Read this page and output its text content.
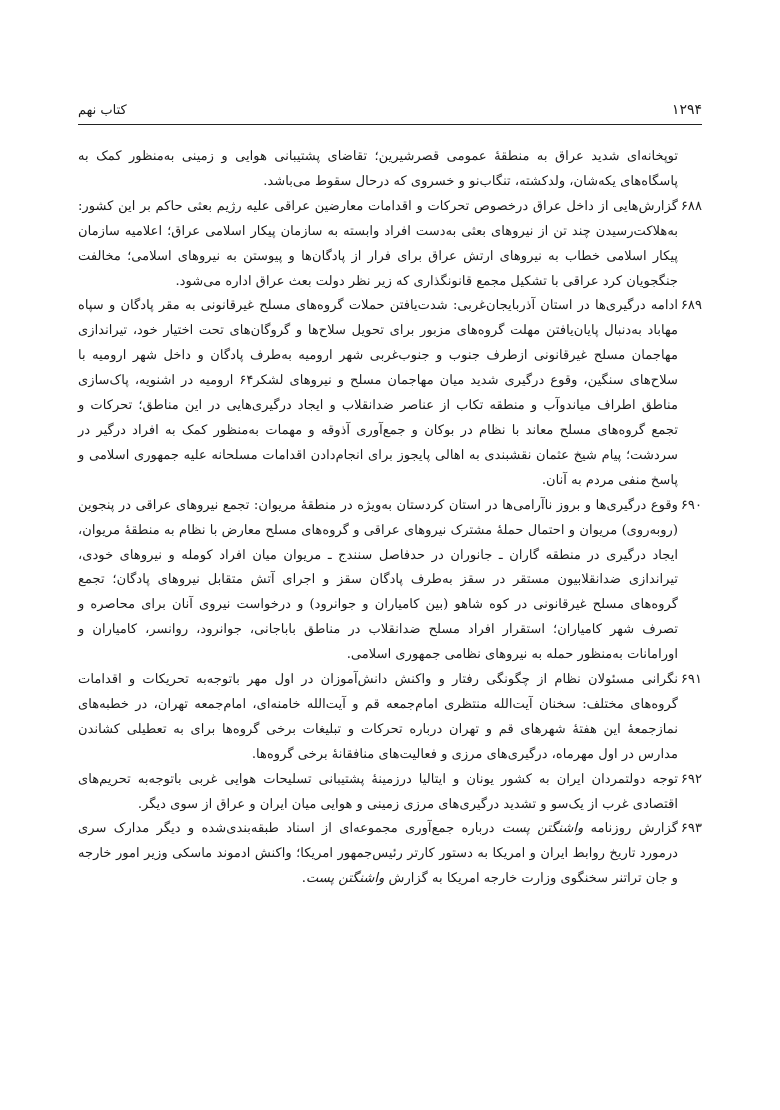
۱۲۹۴
کتاب نهم

توپخانه‌ای شدید عراق به منطقهٔ عمومی قصرشیرین؛ تقاضای پشتیبانی هوایی و زمینی به‌منظور کمک به پاسگاه‌های یکه‌شان، ولدکشته، تنگاب‌نو و خسروی که درحال سقوط می‌باشد.

۶۸۸

گزارش‌هایی از داخل عراق درخصوص تحرکات و اقدامات معارضین عراقی علیه رژیم بعثی حاکم بر این کشور: به‌هلاکت‌رسیدن چند تن از نیروهای بعثی به‌دست افراد وابسته به سازمان پیکار اسلامی عراق؛ اعلامیه سازمان پیکار اسلامی خطاب به نیروهای ارتش عراق برای فرار از پادگان‌ها و پیوستن به نیروهای اسلامی؛ مخالفت جنگجویان کرد عراقی با تشکیل مجمع قانونگذاری که زیر نظر دولت بعث عراق اداره می‌شود.

۶۸۹

ادامه درگیری‌ها در استان آذربایجان‌غربی: شدت‌یافتن حملات گروه‌های مسلح غیرقانونی به مقر پادگان و سپاه مهاباد به‌دنبال پایان‌یافتن مهلت گروه‌های مزبور برای تحویل سلاح‌ها و گروگان‌های تحت اختیار خود، تیراندازی مهاجمان مسلح غیرقانونی ازطرف جنوب و جنوب‌غربی شهر ارومیه به‌طرف پادگان و داخل شهر ارومیه با سلاح‌های سنگین، وقوع درگیری شدید میان مهاجمان مسلح و نیروهای لشکر۶۴ ارومیه در اشنویه، پاک‌سازی مناطق اطراف میاندوآب و منطقه تکاب از عناصر ضدانقلاب و ایجاد درگیری‌هایی در این مناطق؛ تحرکات و تجمع گروه‌های مسلح معاند با نظام در بوکان و جمع‌آوری آذوقه و مهمات به‌منظور کمک به افراد درگیر در سردشت؛ پیام شیخ عثمان نقشبندی به اهالی پایجوز برای انجام‌دادن اقدامات مسلحانه علیه جمهوری اسلامی و پاسخ منفی مردم به آنان.

۶۹۰

وقوع درگیری‌ها و بروز ناآرامی‌ها در استان کردستان به‌ویژه در منطقهٔ مریوان: تجمع نیروهای عراقی در پنجوین (روبه‌روی) مریوان و احتمال حملهٔ مشترک نیروهای عراقی و گروه‌های مسلح معارض با نظام به منطقهٔ مریوان، ایجاد درگیری در منطقه گاران ـ جانوران در حدفاصل سنندج ـ مریوان میان افراد کومله و نیروهای خودی، تیراندازی ضدانقلابیون مستقر در سقز به‌طرف پادگان سقز و اجرای آتش متقابل نیروهای پادگان؛ تجمع گروه‌های مسلح غیرقانونی در کوه شاهو (بین کامیاران و جوانرود) و درخواست نیروی آنان برای محاصره و تصرف شهر کامیاران؛ استقرار افراد مسلح ضدانقلاب در مناطق باباجانی، جوانرود، روانسر، کامیاران و اورامانات به‌منظور حمله به نیروهای نظامی جمهوری اسلامی.

۶۹۱

نگرانی مسئولان نظام از چگونگی رفتار و واکنش دانش‌آموزان در اول مهر باتوجه‌به تحریکات و اقدامات گروه‌های مختلف: سخنان آیت‌الله منتظری امام‌جمعه قم و آیت‌الله خامنه‌ای، امام‌جمعه تهران، در خطبه‌های نمازجمعهٔ این هفتهٔ شهرهای قم و تهران درباره تحرکات و تبلیغات برخی گروه‌ها برای به تعطیلی کشاندن مدارس در اول مهرماه، درگیری‌های مرزی و فعالیت‌های منافقانهٔ برخی گروه‌ها.

۶۹۲

توجه دولتمردان ایران به کشور یونان و ایتالیا درزمینهٔ پشتیبانی تسلیحات هوایی غربی باتوجه‌به تحریم‌های اقتصادی غرب از یک‌سو و تشدید درگیری‌های مرزی زمینی و هوایی میان ایران و عراق از سوی دیگر.

۶۹۳

گزارش روزنامه واشنگتن پست درباره جمع‌آوری مجموعه‌ای از اسناد طبقه‌بندی‌شده و دیگر مدارک سری درمورد تاریخ روابط ایران و امریکا به دستور کارتر رئیس‌جمهور امریکا؛ واکنش ادموند ماسکی وزیر امور خارجه و جان تراتنر سخنگوی وزارت خارجه امریکا به گزارش واشنگتن پست.
